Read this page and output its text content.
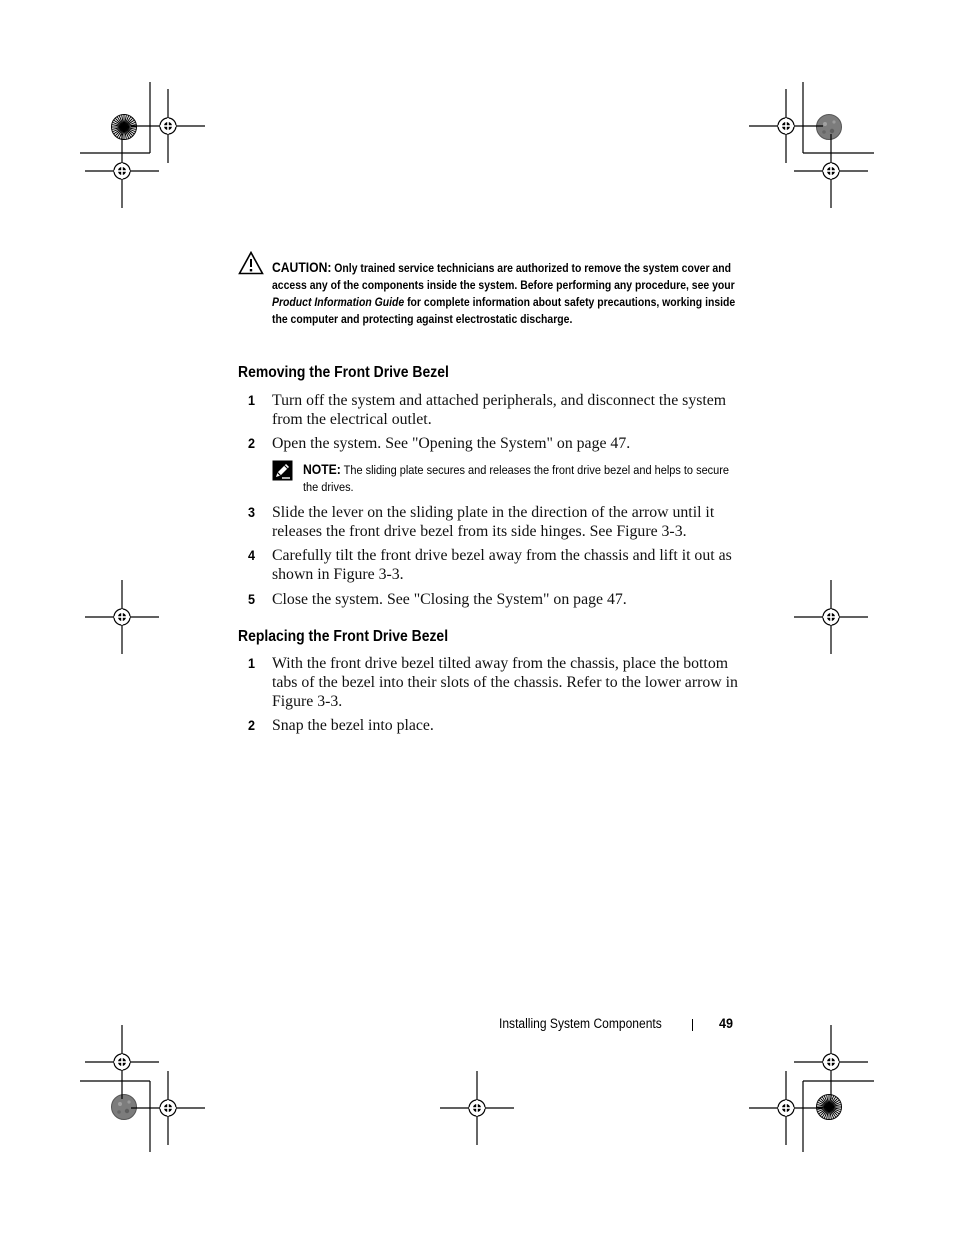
CAUTION: Only trained service technicians are authorized to remove the system cover and access any of the components inside the system. Before performing any procedure, see your Product Information Guide for complete information about safety precautions, working inside the computer and protecting against electrostatic discharge.
Removing the Front Drive Bezel
1 Turn off the system and attached peripherals, and disconnect the system from the electrical outlet.
2 Open the system. See "Opening the System" on page 47.
NOTE: The sliding plate secures and releases the front drive bezel and helps to secure the drives.
3 Slide the lever on the sliding plate in the direction of the arrow until it releases the front drive bezel from its side hinges. See Figure 3-3.
4 Carefully tilt the front drive bezel away from the chassis and lift it out as shown in Figure 3-3.
5 Close the system. See "Closing the System" on page 47.
Replacing the Front Drive Bezel
1 With the front drive bezel tilted away from the chassis, place the bottom tabs of the bezel into their slots of the chassis. Refer to the lower arrow in Figure 3-3.
2 Snap the bezel into place.
Installing System Components	49
